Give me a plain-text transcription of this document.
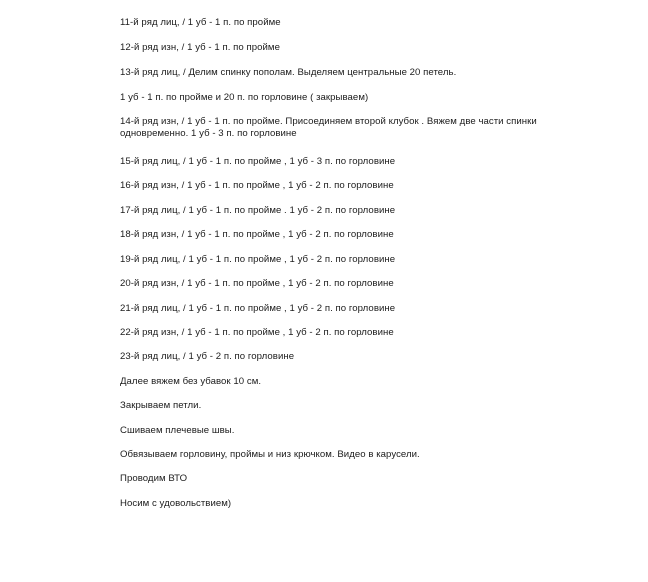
11-й ряд лиц, / 1 уб - 1 п. по пройме
12-й ряд изн, / 1 уб - 1 п. по пройме
13-й ряд лиц, / Делим спинку пополам. Выделяем центральные 20 петель.
1 уб - 1 п. по пройме и 20 п. по горловине ( закрываем)
14-й ряд изн, / 1 уб - 1 п. по пройме. Присоединяем второй клубок . Вяжем две части спинки одновременно. 1 уб - 3 п. по горловине
15-й ряд лиц, / 1 уб - 1 п. по пройме , 1 уб - 3 п. по горловине
16-й ряд изн, / 1 уб - 1 п. по пройме , 1 уб - 2 п. по горловине
17-й ряд лиц, / 1 уб - 1 п. по пройме . 1 уб - 2 п. по горловине
18-й ряд изн, / 1 уб - 1 п. по пройме , 1 уб - 2 п. по горловине
19-й ряд лиц, / 1 уб - 1 п. по пройме , 1 уб - 2 п. по горловине
20-й ряд изн, / 1 уб - 1 п. по пройме , 1 уб - 2 п. по горловине
21-й ряд лиц, / 1 уб - 1 п. по пройме , 1 уб - 2 п. по горловине
22-й ряд изн, / 1 уб - 1 п. по пройме , 1 уб - 2 п. по горловине
23-й ряд лиц, / 1 уб - 2 п. по горловине
Далее вяжем без убавок 10 см.
Закрываем петли.
Сшиваем плечевые швы.
Обвязываем горловину, проймы и низ крючком. Видео в карусели.
Проводим ВТО
Носим с удовольствием)
